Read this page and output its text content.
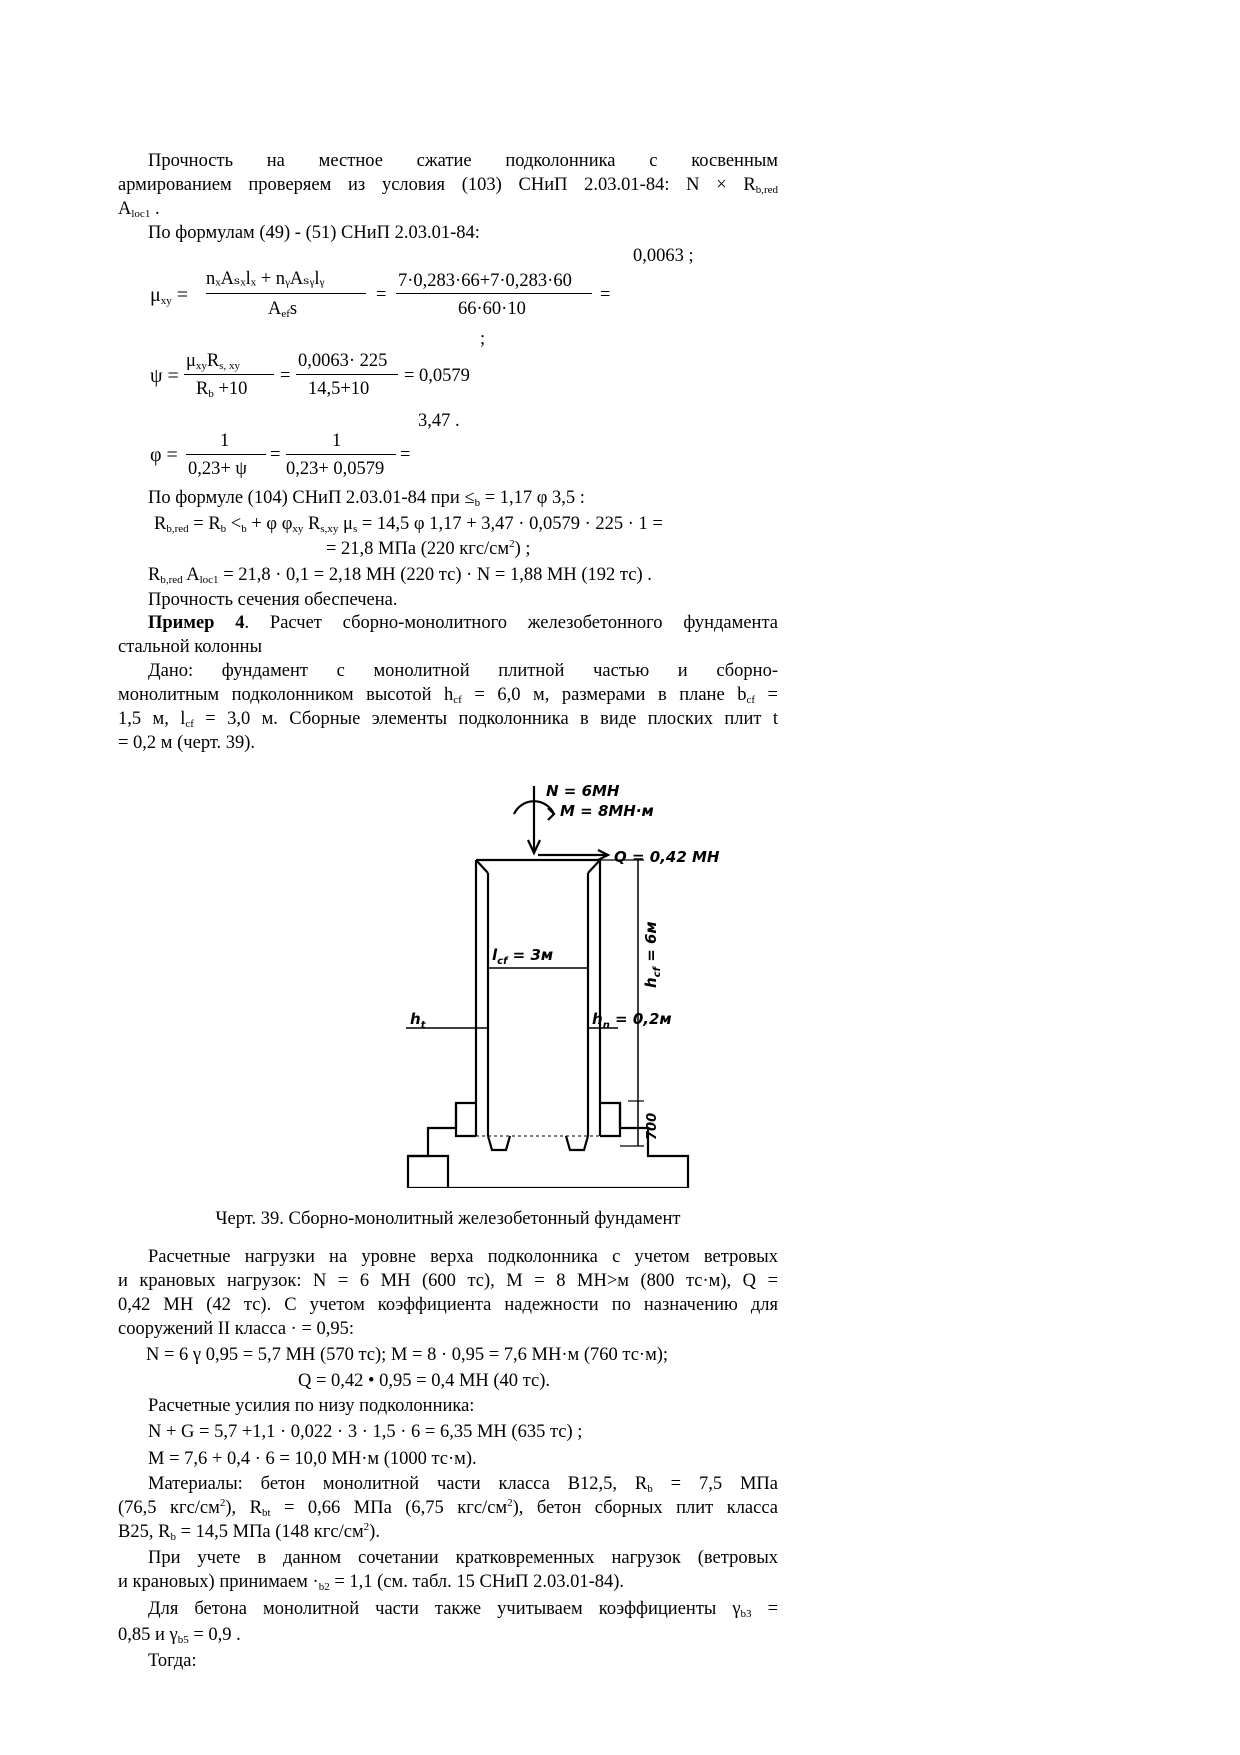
Прочность на местное сжатие подколонника с косвенным
армированием проверяем из условия (103) СНиП 2.03.01-84: $N \times R_{b,red}$
$A_{loc1}$ .
По формулам (49) - (51) СНиП 2.03.01-84:
0,0063 ;
$\mu_{xy}$ =
nₓAₛₓlₓ + nᵧAₛᵧlᵧ
$A_{ef}s$
=
7·0,283·66+7·0,283·60
66·60·10
=
;
ψ =
$\mu_{xy}R_{s, xy}$
$R_b +10$
=
0,0063· 225
14,5+10
= 0,0579
3,47 .
φ =
1
0,23+ ψ
=
1
0,23+ 0,0579
=
По формуле (104) СНиП 2.03.01-84 при $\le_b = 1,17$ φ 3,5 :
$R_{b,red} = R_b <_b + \varphi$ $\varphi_{xy}$ $R_{s,xy}$ $\mu_s = 14,5$ φ 1,17 + 3,47 · 0,0579 · 225 · 1 =
= 21,8 МПа (220 кгс/$см^2$) ;
$R_{b,red}$ $A_{loc1} = 21,8 \cdot 0,1 = 2,18$ МН (220 тс) · N = 1,88 МН (192 тс) .
Прочность сечения обеспечена.
Пример 4. Расчет сборно-монолитного железобетонного фундамента
стальной колонны
Дано: фундамент с монолитной плитной частью и сборно-
монолитным подколонником высотой $h_{cf} = 6,0$ м, размерами в плане $b_{cf}$ =
1,5 м, $l_{cf} = 3,0$ м. Сборные элементы подколонника в виде плоских плит t
= 0,2 м (черт. 39).
Черт. 39. Сборно-монолитный железобетонный фундамент
Расчетные нагрузки на уровне верха подколонника с учетом ветровых
и крановых нагрузок: N = 6 МН (600 тс), M = 8 МН>м (800 тс·м), Q =
0,42 МН (42 тс). С учетом коэффициента надежности по назначению для
сооружений II класса · = 0,95:
N = 6 γ 0,95 = 5,7 МН (570 тс); M = 8 · 0,95 = 7,6 МН·м (760 тс·м);
Q = 0,42 • 0,95 = 0,4 МН (40 тс).
Расчетные усилия по низу подколонника:
N + G = 5,7 +1,1 · 0,022 · 3 · 1,5 · 6 = 6,35 МН (635 тс) ;
M = 7,6 + 0,4 · 6 = 10,0 МН·м (1000 тс·м).
Материалы: бетон монолитной части класса В12,5, $R_b = 7,5$ МПа
(76,5 кгс/$см^2$), $R_{bt} = 0,66$ МПа (6,75 кгс/$см^2$), бетон сборных плит класса
В25, $R_b = 14,5$ МПа (148 кгс/$см^2$).
При учете в данном сочетании кратковременных нагрузок (ветровых
и крановых) принимаем $\cdot_{b2} = 1,1$ (см. табл. 15 СНиП 2.03.01-84).
Для бетона монолитной части также учитываем коэффициенты $\gamma_{b3}$ =
0,85 и $\gamma_{b5} = 0,9$ .
Тогда:
N = 6МН
M = 8МН·м
Q = 0,42 МН
$l_{cf} = 3м$
$h_t$	$h_n = 0,2м$
$h_{cf} = 6м$
700
